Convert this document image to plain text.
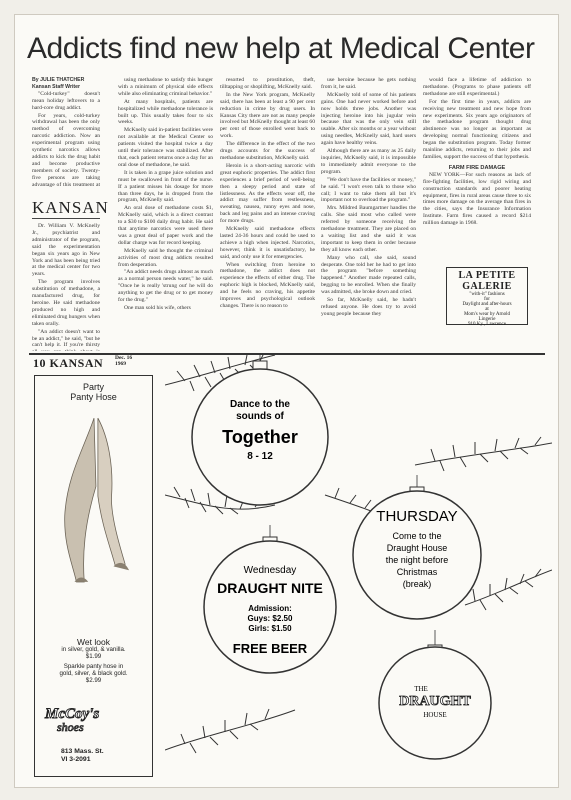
Addicts find new help at Medical Center
By JULIE THATCHER
Kansan Staff Writer

"Cold-turkey" doesn't mean holiday leftovers to a hard-core drug addict.

For years, cold-turkey withdrawal has been the only method of overcoming narcotic addiction. Now an experimental program using synthetic narcotics allows addicts to kick the drug habit and become productive members of society. Twenty-five persons are taking advantage of this treatment at

KANSAN

Dr. William V. McKnelly Jr., psychiatrist and administrator of the program, said the experimentation began six years ago in New York and has been being tried at the medical center for two years.

The program involves substitution of methadone, a manufactured drug, for heroine. He said methadone produced no high and eliminated drug hungers when taken orally.

"An addict doesn't want to be an addict," he said, "but he can't help it. If you're thirsty

using methadone to satisfy this hunger with a minimum of physical side effects while also eliminating criminal behavior."

At many hospitals, patients are hospitalized while methadone tolerance is built up. This usually takes four to six weeks.

McKnelly said in-patient facilities were not available at the Medical Center so patients visited the hospital twice a day until their tolerance was stabilized. After that, each patient returns once a day for an oral dose of methadone, he said.

It is taken in a grape juice solution and must be swallowed in front of the nurse. If a patient misses his dosage for more than three days, he is dropped from the program, McKnelly said.

An oral dose of methadone costs $1, McKnelly said, which is a direct contrast to a $30 to $100 daily drug habit. He said that anytime narcotics were used there was a great deal of paper work and the dollar charge was for record keeping.

McKnelly said he thought the criminal activities of most drug addicts resulted from desperation.

"An addict needs drugs almost as much as a normal person needs water," he said. "Once he is really 'strung out' he will do anything to get the drug or to get money for the drug."

One man sold his wife, others

resorted to prostitution, theft, tilltapping or shoplifting, McKnelly said.

In the New York program, McKnelly said, there has been at least a 90 per cent reduction in crime by drug users. In Kansas City there are not as many people involved but McKnelly thought at least 60 per cent of those enrolled went back to work.

The difference in the effect of the two drugs accounts for the success of methadone substitution, McKnelly said.

Heroin is a short-acting narcotic with great euphoric properties. The addict first experiences a brief period of well-being then a sleepy period and state of listlessness. As the effects wear off, the addict may suffer from restlessness, sweating, nausea, runny eyes and nose, back and leg pains and an intense craving for more drugs.

McKnelly said methadone effects lasted 24-36 hours and could be used to achieve a high when injected. Narcotics, however, think it is unsatisfactory, he said, and only use it for emergencies.

When switching from heroine to methadone, the addict does not experience the effects of either drug. The euphoric high is blocked, McKnelly said, and he feels no craving, his appetite improves and psychological outlook changes. There is no reason to

use heroine because he gets nothing from it, he said.

McKnelly told of some of his patients gains. One had never worked before and now holds three jobs. Another was injecting heroine into his jugular vein because that was the only vein still usable. After six months or a year without using needles, McKnelly said, hard users again have healthy veins.

Although there are as many as 25 daily inquiries, McKnelly said, it is impossible to immediately admit everyone to the program.

"We don't have the facilities or money," he said. "I won't even talk to those who call; I want to take them all but it's important not to overload the program."

Mrs. Mildred Baumgartner handles the calls. She said most who called were referred by someone receiving the methadone treatment. They are placed on a waiting list and she said it was important to keep them in order because they all know each other.

Many who call, she said, sound desperate. One told her he had to get into the program "before something happened." Another made repeated calls, begging to be enrolled. When she finally was admitted, she broke down and cried.

So far, McKnelly said, he hadn't refused anyone. He does try to avoid young people because they

would face a lifetime of addiction to methadone. (Programs to phase patients off methadone are still experimental.)

For the first time in years, addicts are receiving new treatment and new hope from new experiments. Six years ago originators of the methadone program thought drug abstinence was no longer as important as developing normal functioning citizens and began the substitution program. Today former mainline addicts, returning to their jobs and families, support the success of that hypothesis.

FARM FIRE DAMAGE

NEW YORK—For such reasons as lack of fire-fighting facilities, low rigid wiring and construction standards and poorer heating equipment, fires in rural areas cause three to six times more damage on the average than fires in the cities, says the Insurance Information Institute. Farm fires caused a record $214 million damage in 1968.

LA PETITE GALERIE
"with-it" fashions
for
Daylight and after-hours
at
Mom's wear by Arnold
Lingerie
910 Ky., Lawrence
10 KANSAN Dec. 16
1969
Party
Panty Hose
Wet look
in silver, gold, & vanilla.
$1.99
Sparkle panty hose in
gold, silver, & black gold.
$2.99
McCoy's
shoes
813 Mass. St.
VI 3-2091
Dance to the
sounds of
Together
8 - 12
THURSDAY
Come to the
Draught House
the night before
Christmas
(break)
Wednesday
DRAUGHT NITE
Admission:
Guys: $2.50
Girls: $1.50
FREE BEER
THE
DRAUGHT
HOUSE
